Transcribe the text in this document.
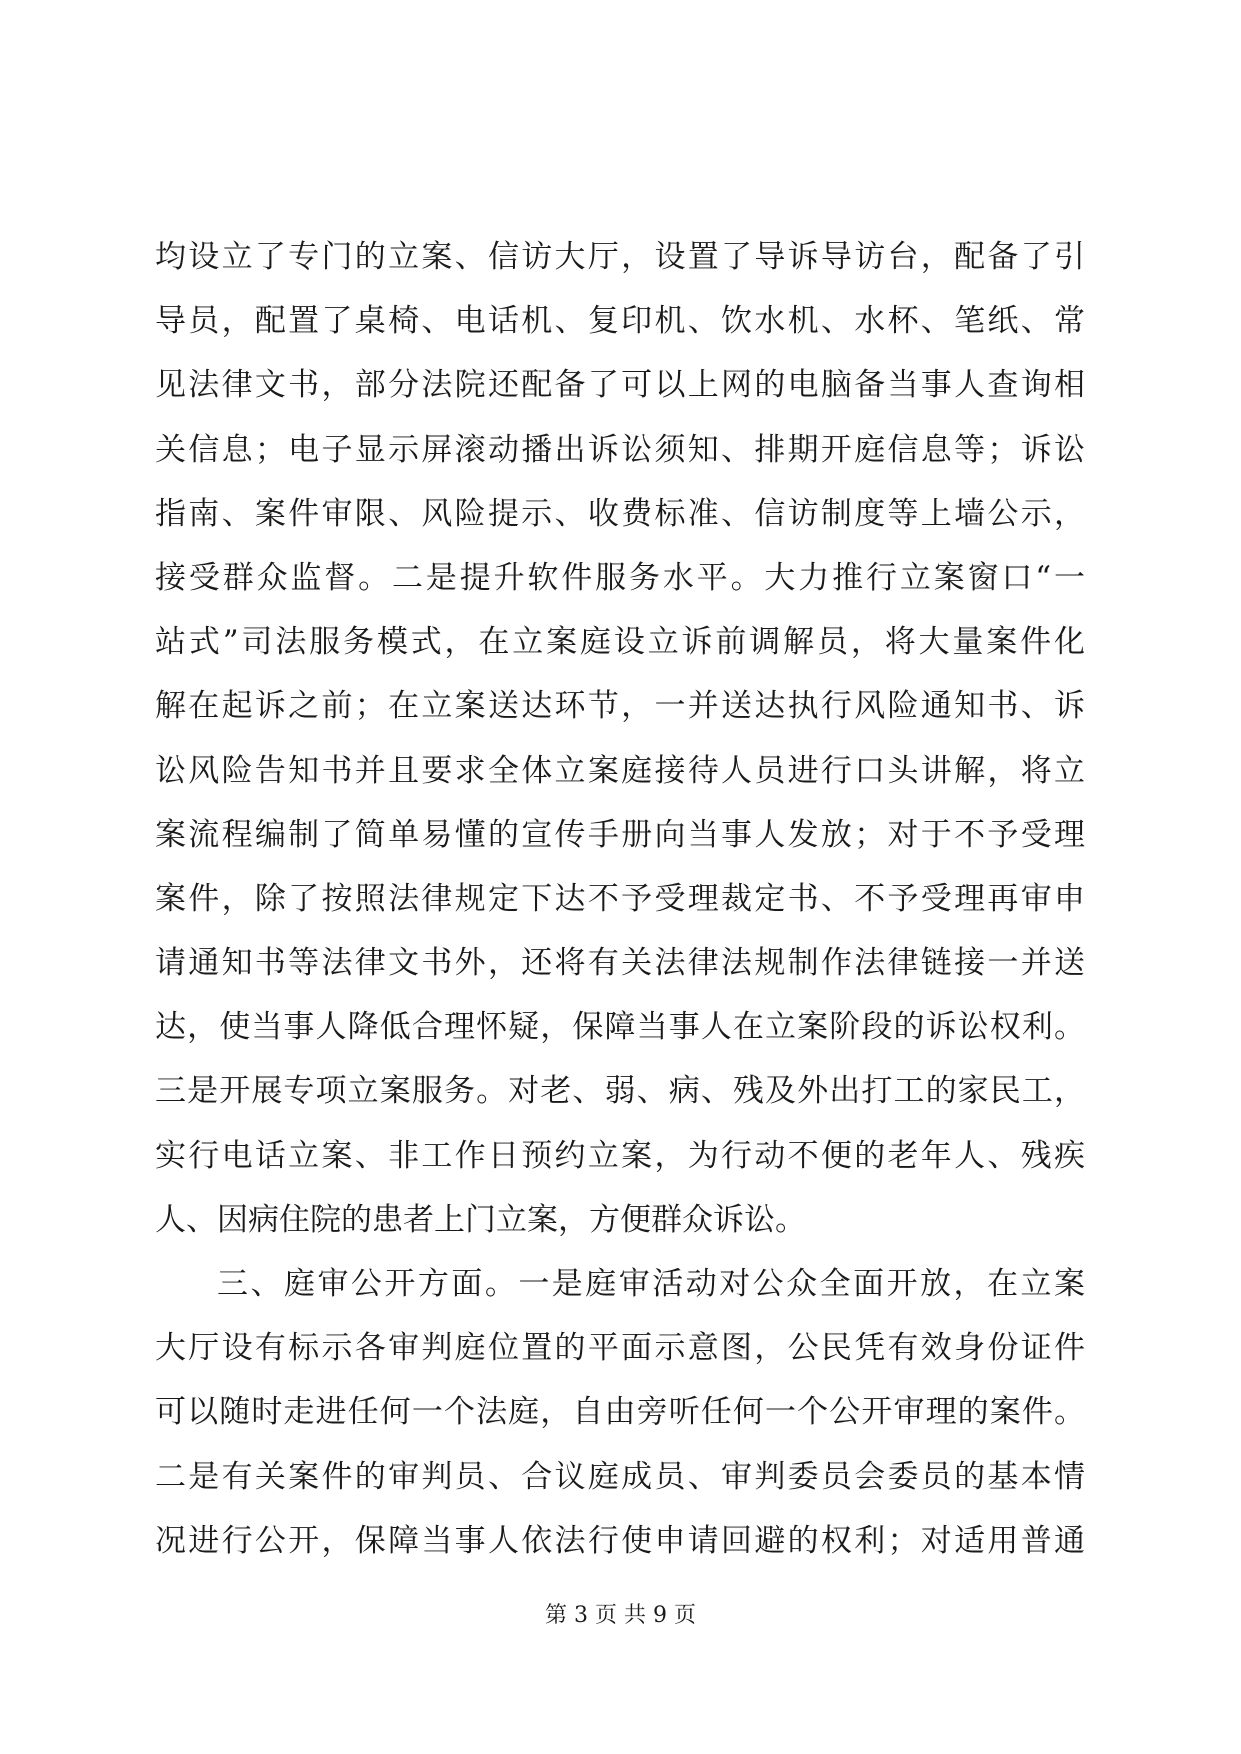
均设立了专门的立案、信访大厅，设置了导诉导访台，配备了引
导员，配置了桌椅、电话机、复印机、饮水机、水杯、笔纸、常
见法律文书，部分法院还配备了可以上网的电脑备当事人查询相
关信息；电子显示屏滚动播出诉讼须知、排期开庭信息等；诉讼
指南、案件审限、风险提示、收费标准、信访制度等上墙公示，
接受群众监督。二是提升软件服务水平。大力推行立案窗口“一
站式”司法服务模式，在立案庭设立诉前调解员，将大量案件化
解在起诉之前；在立案送达环节，一并送达执行风险通知书、诉
讼风险告知书并且要求全体立案庭接待人员进行口头讲解，将立
案流程编制了简单易懂的宣传手册向当事人发放；对于不予受理
案件，除了按照法律规定下达不予受理裁定书、不予受理再审申
请通知书等法律文书外，还将有关法律法规制作法律链接一并送
达，使当事人降低合理怀疑，保障当事人在立案阶段的诉讼权利。
三是开展专项立案服务。对老、弱、病、残及外出打工的家民工，
实行电话立案、非工作日预约立案，为行动不便的老年人、残疾
人、因病住院的患者上门立案，方便群众诉讼。
三、庭审公开方面。一是庭审活动对公众全面开放，在立案
大厅设有标示各审判庭位置的平面示意图，公民凭有效身份证件
可以随时走进任何一个法庭，自由旁听任何一个公开审理的案件。
二是有关案件的审判员、合议庭成员、审判委员会委员的基本情
况进行公开，保障当事人依法行使申请回避的权利；对适用普通
第 3 页 共 9 页
